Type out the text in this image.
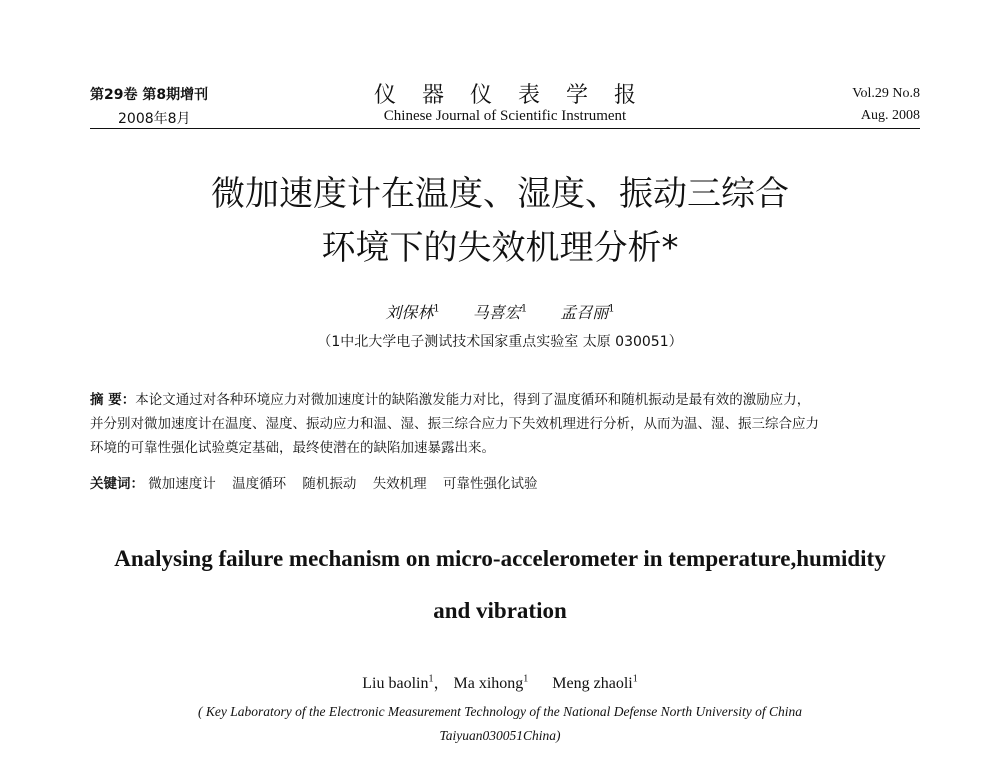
第29卷 第8期增刊
2008年8月
仪器仪表学报
Chinese Journal of Scientific Instrument
Vol.29 No.8
Aug. 2008
微加速度计在温度、湿度、振动三综合
环境下的失效机理分析*
刘保林$^1$ 马喜宏$^1$ 孟召丽$^1$
（1中北大学电子测试技术国家重点实验室 太原 030051）
摘 要：本论文通过对各种环境应力对微加速度计的缺陷激发能力对比，得到了温度循环和随机振动是最有效的激励应力，
并分别对微加速度计在温度、湿度、振动应力和温、湿、振三综合应力下失效机理进行分析，从而为温、湿、振三综合应力
环境的可靠性强化试验奠定基础，最终使潜在的缺陷加速暴露出来。
关键词： 微加速度计 温度循环 随机振动 失效机理 可靠性强化试验
Analysing failure mechanism on micro-accelerometer in temperature,humidity
and vibration
Liu baolin$^1$， Ma xihong$^1$ Meng zhaoli$^1$
( Key Laboratory of the Electronic Measurement Technology of the National Defense North University of China
Taiyuan030051China)
